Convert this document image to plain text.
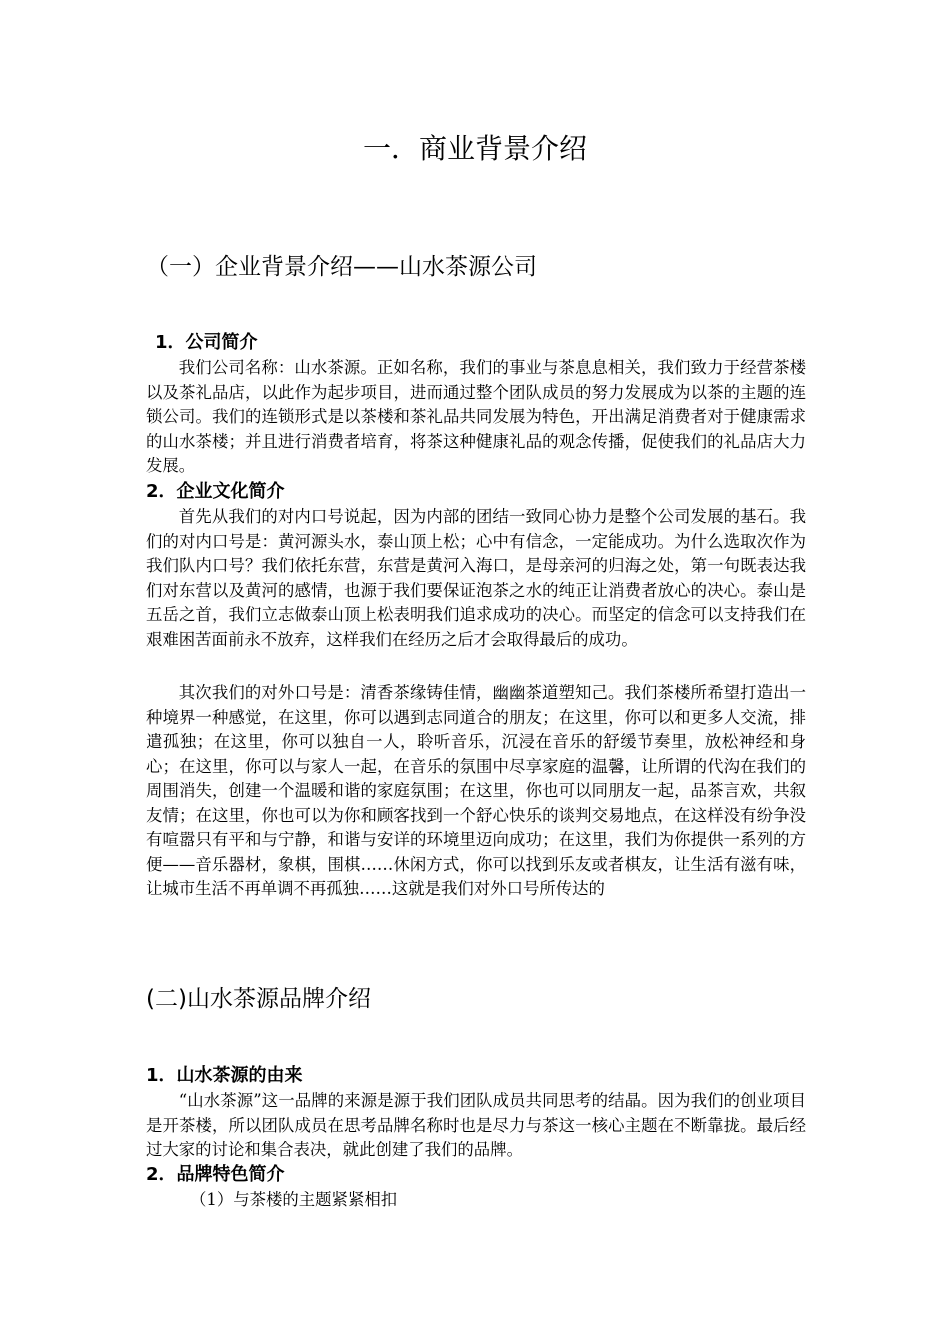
一．商业背景介绍
（一）企业背景介绍——山水茶源公司
1．公司简介

我们公司名称：山水茶源。正如名称，我们的事业与茶息息相关，我们致力于经营茶楼以及茶礼品店，以此作为起步项目，进而通过整个团队成员的努力发展成为以茶的主题的连锁公司。我们的连锁形式是以茶楼和茶礼品共同发展为特色，开出满足消费者对于健康需求的山水茶楼；并且进行消费者培育，将茶这种健康礼品的观念传播，促使我们的礼品店大力发展。

2．企业文化简介

首先从我们的对内口号说起，因为内部的团结一致同心协力是整个公司发展的基石。我们的对内口号是：黄河源头水，泰山顶上松；心中有信念，一定能成功。为什么选取次作为我们队内口号？我们依托东营，东营是黄河入海口，是母亲河的归海之处，第一句既表达我们对东营以及黄河的感情，也源于我们要保证泡茶之水的纯正让消费者放心的决心。泰山是五岳之首，我们立志做泰山顶上松表明我们追求成功的决心。而坚定的信念可以支持我们在艰难困苦面前永不放弃，这样我们在经历之后才会取得最后的成功。

其次我们的对外口号是：清香茶缘铸佳情，幽幽茶道塑知己。我们茶楼所希望打造出一种境界一种感觉，在这里，你可以遇到志同道合的朋友；在这里，你可以和更多人交流，排遣孤独；在这里，你可以独自一人，聆听音乐，沉浸在音乐的舒缓节奏里，放松神经和身心；在这里，你可以与家人一起，在音乐的氛围中尽享家庭的温馨，让所谓的代沟在我们的周围消失，创建一个温暖和谐的家庭氛围；在这里，你也可以同朋友一起，品茶言欢，共叙友情；在这里，你也可以为你和顾客找到一个舒心快乐的谈判交易地点，在这样没有纷争没有喧嚣只有平和与宁静，和谐与安详的环境里迈向成功；在这里，我们为你提供一系列的方便——音乐器材，象棋，围棋……休闲方式，你可以找到乐友或者棋友，让生活有滋有味，让城市生活不再单调不再孤独……这就是我们对外口号所传达的

(二)山水茶源品牌介绍
1．山水茶源的由来

“山水茶源”这一品牌的来源是源于我们团队成员共同思考的结晶。因为我们的创业项目是开茶楼，所以团队成员在思考品牌名称时也是尽力与茶这一核心主题在不断靠拢。最后经过大家的讨论和集合表决，就此创建了我们的品牌。

2．品牌特色简介
（1）与茶楼的主题紧紧相扣
